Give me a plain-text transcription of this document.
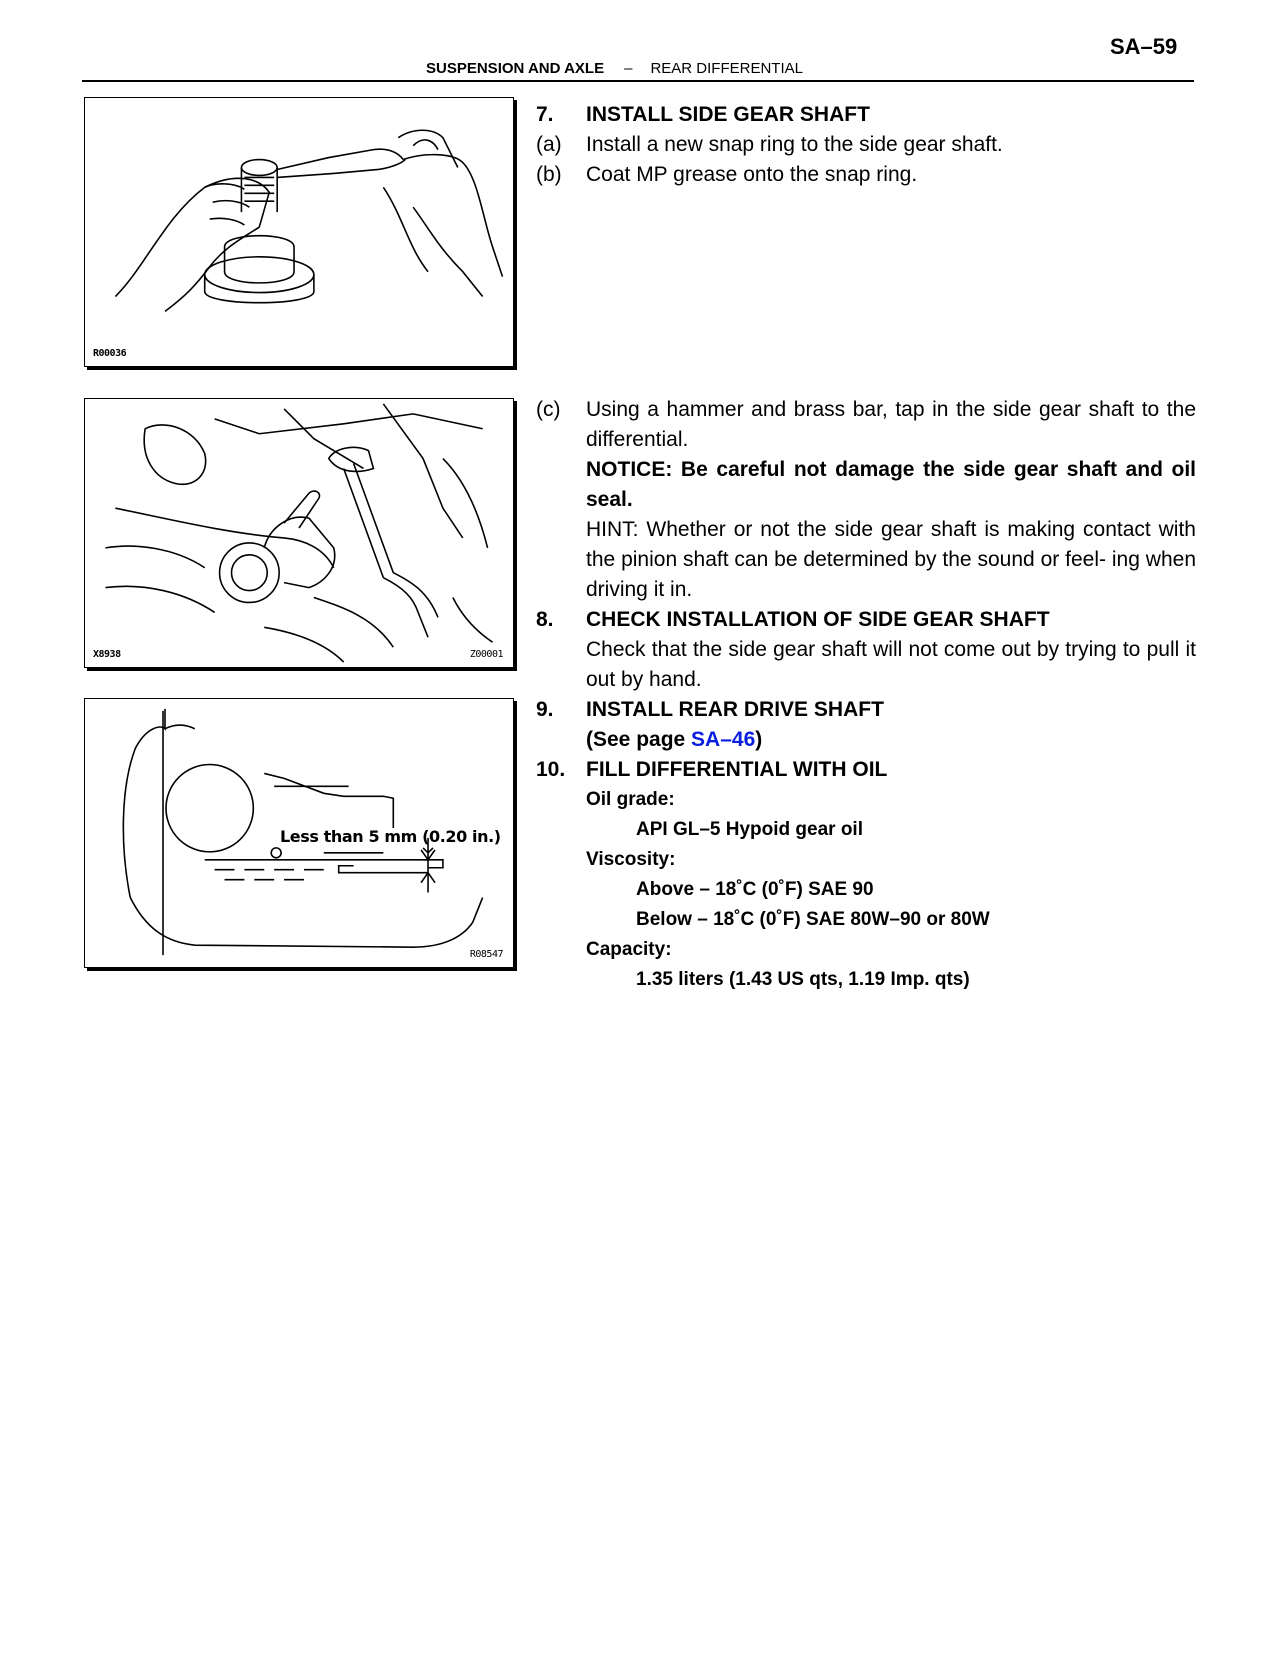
SA–59
SUSPENSION AND AXLE – REAR DIFFERENTIAL
R00036
X8938	Z00001
Less than 5 mm (0.20 in.)
R08547
7.	INSTALL SIDE GEAR SHAFT
(a)	Install a new snap ring to the side gear shaft.
(b)	Coat MP grease onto the snap ring.
(c)	Using a hammer and brass bar, tap in the side gear shaft to the differential.
NOTICE: Be careful not damage the side gear shaft and oil seal.
HINT: Whether or not the side gear shaft is making contact with the pinion shaft can be determined by the sound or feel- ing when driving it in.
8.	CHECK INSTALLATION OF SIDE GEAR SHAFT
Check that the side gear shaft will not come out by trying to pull it out by hand.
9.	INSTALL REAR DRIVE SHAFT
(See page SA–46)
10. FILL DIFFERENTIAL WITH OIL
Oil grade:
API GL–5 Hypoid gear oil
Viscosity:
Above – 18˚C (0˚F) SAE 90
Below – 18˚C (0˚F) SAE 80W–90 or 80W
Capacity:
1.35 liters (1.43 US qts, 1.19 Imp. qts)
